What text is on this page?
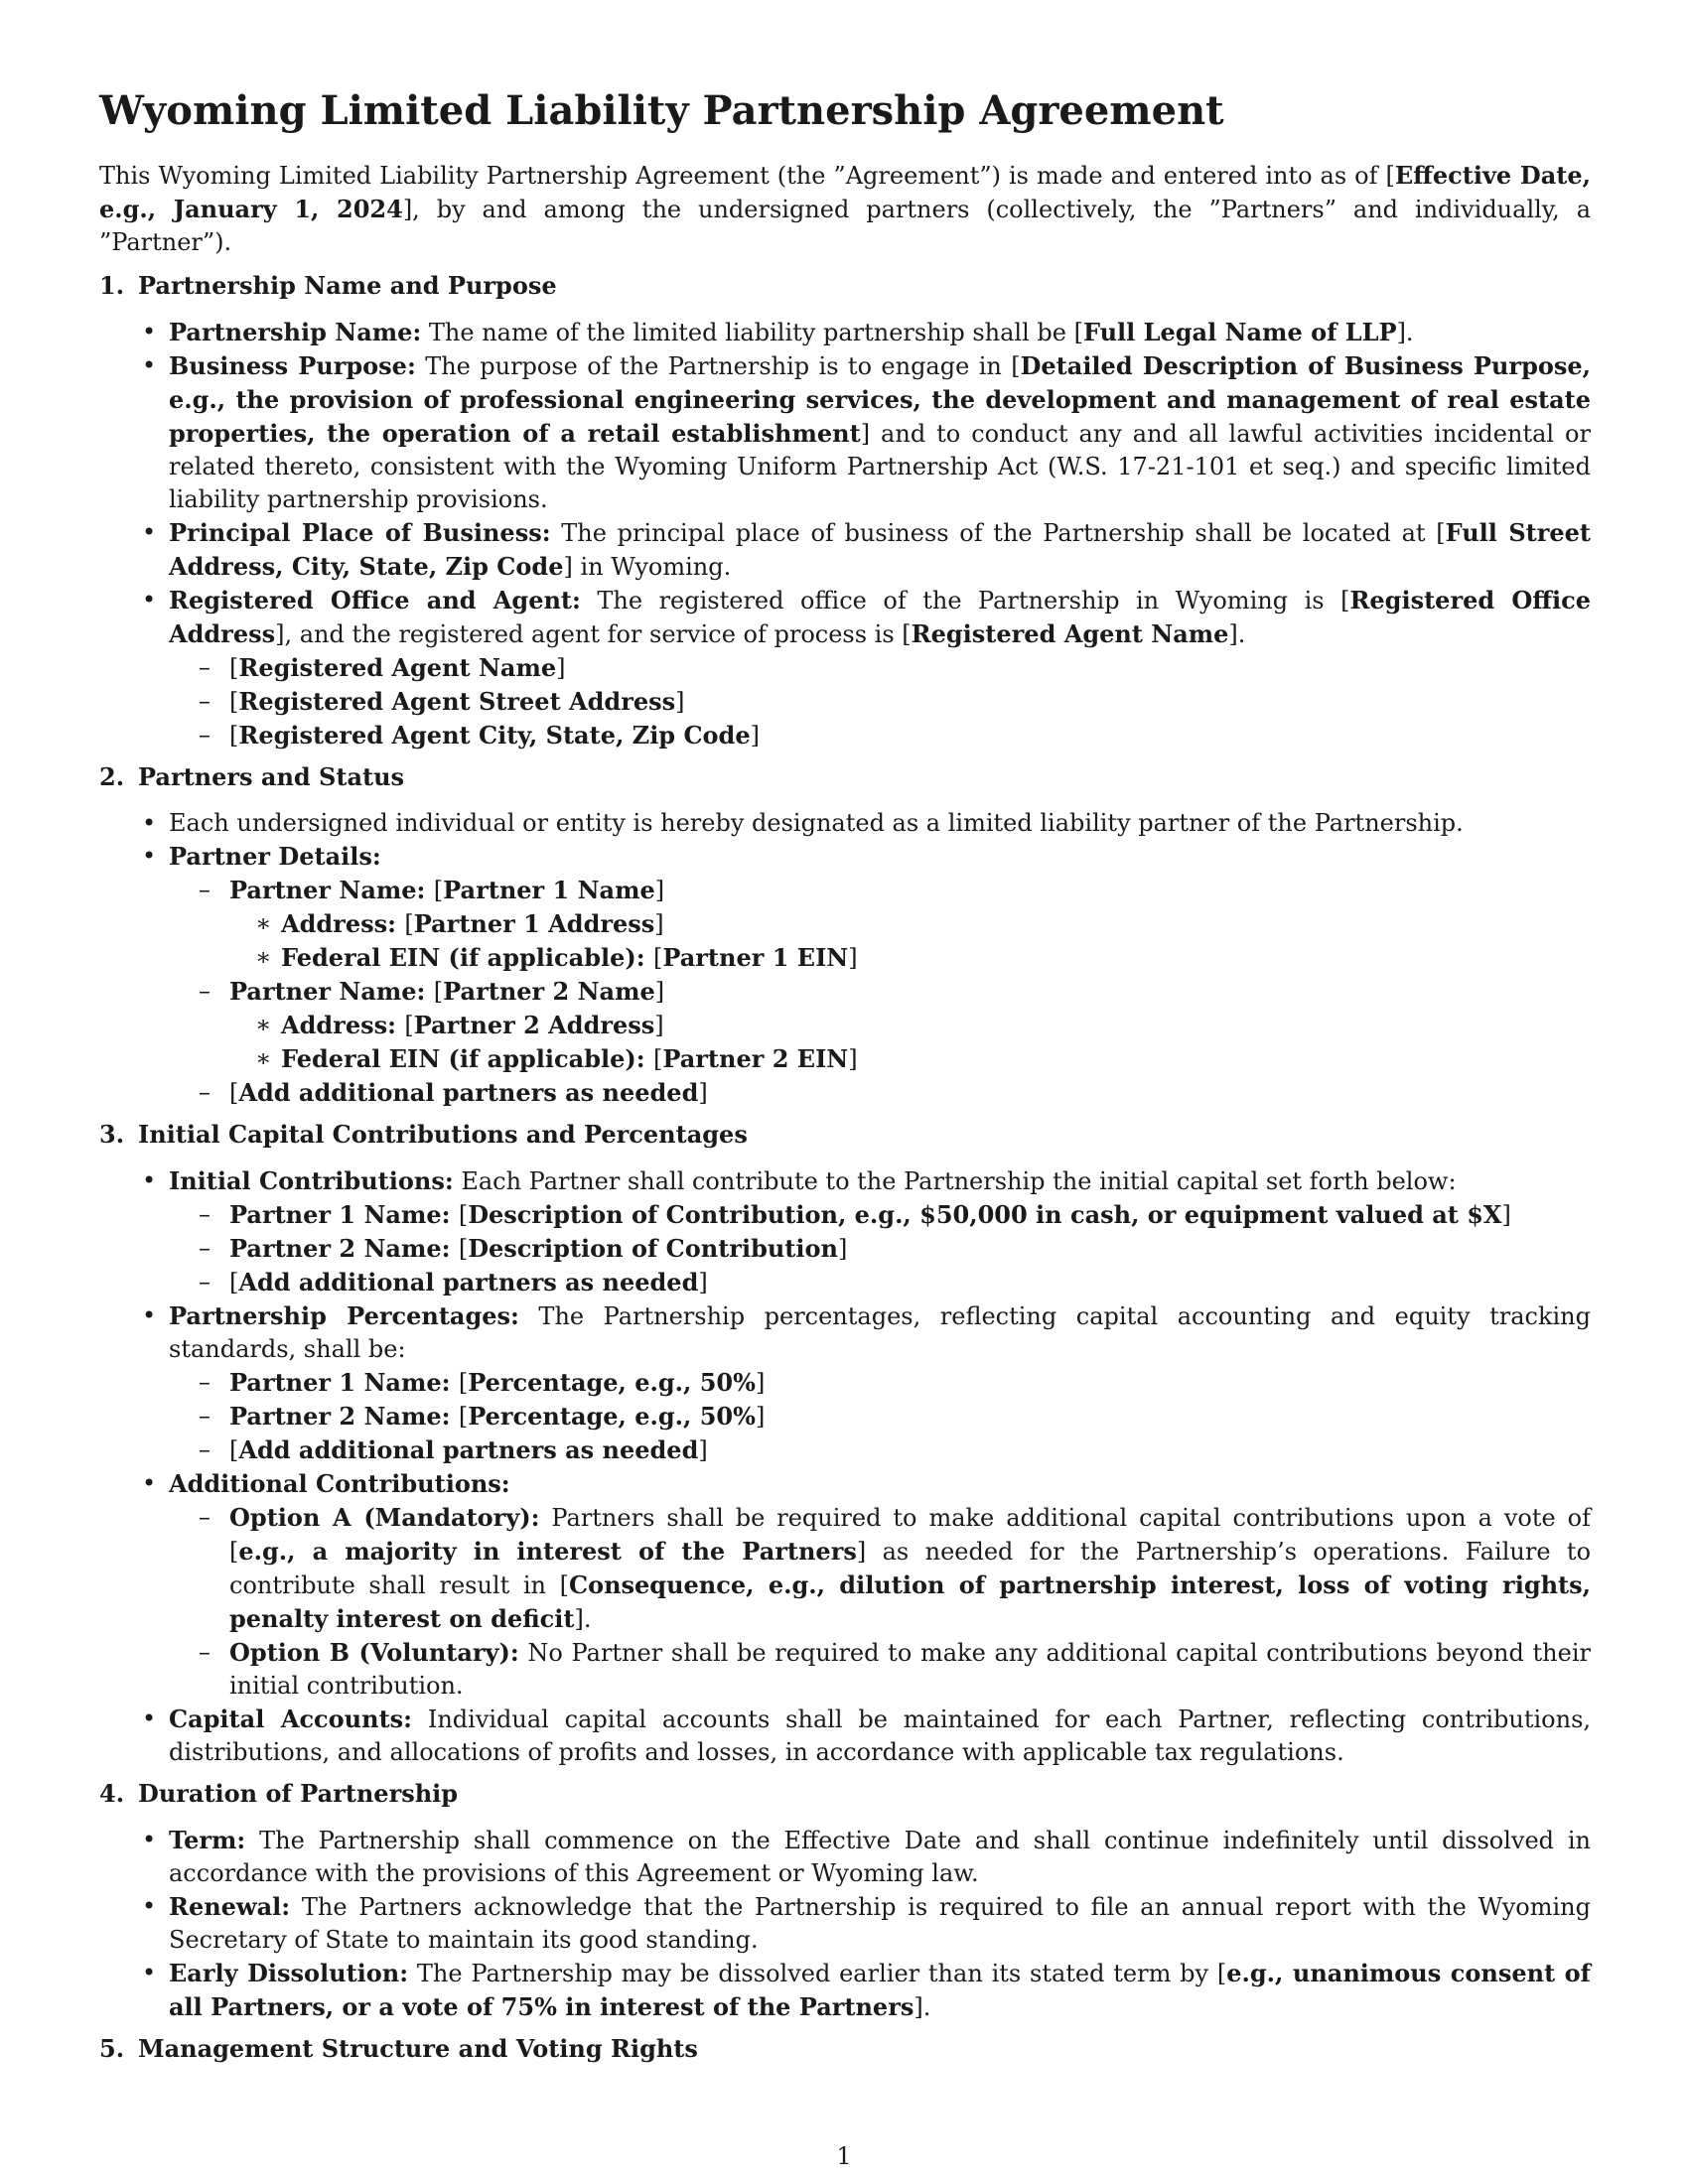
Wyoming Limited Liability Partnership Agreement

This Wyoming Limited Liability Partnership Agreement (the ”Agreement”) is made and entered into as of [Effective Date, e.g., January 1, 2024], by and among the undersigned partners (collectively, the ”Partners” and individually, a ”Partner”).

1. Partnership Name and Purpose
• Partnership Name: The name of the limited liability partnership shall be [Full Legal Name of LLP].
• Business Purpose: The purpose of the Partnership is to engage in [Detailed Description of Business Purpose, e.g., the provision of professional engineering services, the development and management of real estate properties, the operation of a retail establishment] and to conduct any and all lawful activities incidental or related thereto, consistent with the Wyoming Uniform Partnership Act (W.S. 17-21-101 et seq.) and specific limited liability partnership provisions.
• Principal Place of Business: The principal place of business of the Partnership shall be located at [Full Street Address, City, State, Zip Code] in Wyoming.
• Registered Office and Agent: The registered office of the Partnership in Wyoming is [Registered Office Address], and the registered agent for service of process is [Registered Agent Name].
– [Registered Agent Name]
– [Registered Agent Street Address]
– [Registered Agent City, State, Zip Code]
2. Partners and Status
• Each undersigned individual or entity is hereby designated as a limited liability partner of the Partnership.
• Partner Details:
– Partner Name: [Partner 1 Name]
∗ Address: [Partner 1 Address]
∗ Federal EIN (if applicable): [Partner 1 EIN]
– Partner Name: [Partner 2 Name]
∗ Address: [Partner 2 Address]
∗ Federal EIN (if applicable): [Partner 2 EIN]
– [Add additional partners as needed]
3. Initial Capital Contributions and Percentages
• Initial Contributions: Each Partner shall contribute to the Partnership the initial capital set forth below:
– Partner 1 Name: [Description of Contribution, e.g., $50,000 in cash, or equipment valued at $X]
– Partner 2 Name: [Description of Contribution]
– [Add additional partners as needed]
• Partnership Percentages: The Partnership percentages, reflecting capital accounting and equity tracking standards, shall be:
– Partner 1 Name: [Percentage, e.g., 50%]
– Partner 2 Name: [Percentage, e.g., 50%]
– [Add additional partners as needed]
• Additional Contributions:
– Option A (Mandatory): Partners shall be required to make additional capital contributions upon a vote of [e.g., a majority in interest of the Partners] as needed for the Partnership’s operations. Failure to contribute shall result in [Consequence, e.g., dilution of partnership interest, loss of voting rights, penalty interest on deficit].
– Option B (Voluntary): No Partner shall be required to make any additional capital contributions beyond their initial contribution.
• Capital Accounts: Individual capital accounts shall be maintained for each Partner, reflecting contributions, distributions, and allocations of profits and losses, in accordance with applicable tax regulations.
4. Duration of Partnership
• Term: The Partnership shall commence on the Effective Date and shall continue indefinitely until dissolved in accordance with the provisions of this Agreement or Wyoming law.
• Renewal: The Partners acknowledge that the Partnership is required to file an annual report with the Wyoming Secretary of State to maintain its good standing.
• Early Dissolution: The Partnership may be dissolved earlier than its stated term by [e.g., unanimous consent of all Partners, or a vote of 75% in interest of the Partners].
5. Management Structure and Voting Rights
1
